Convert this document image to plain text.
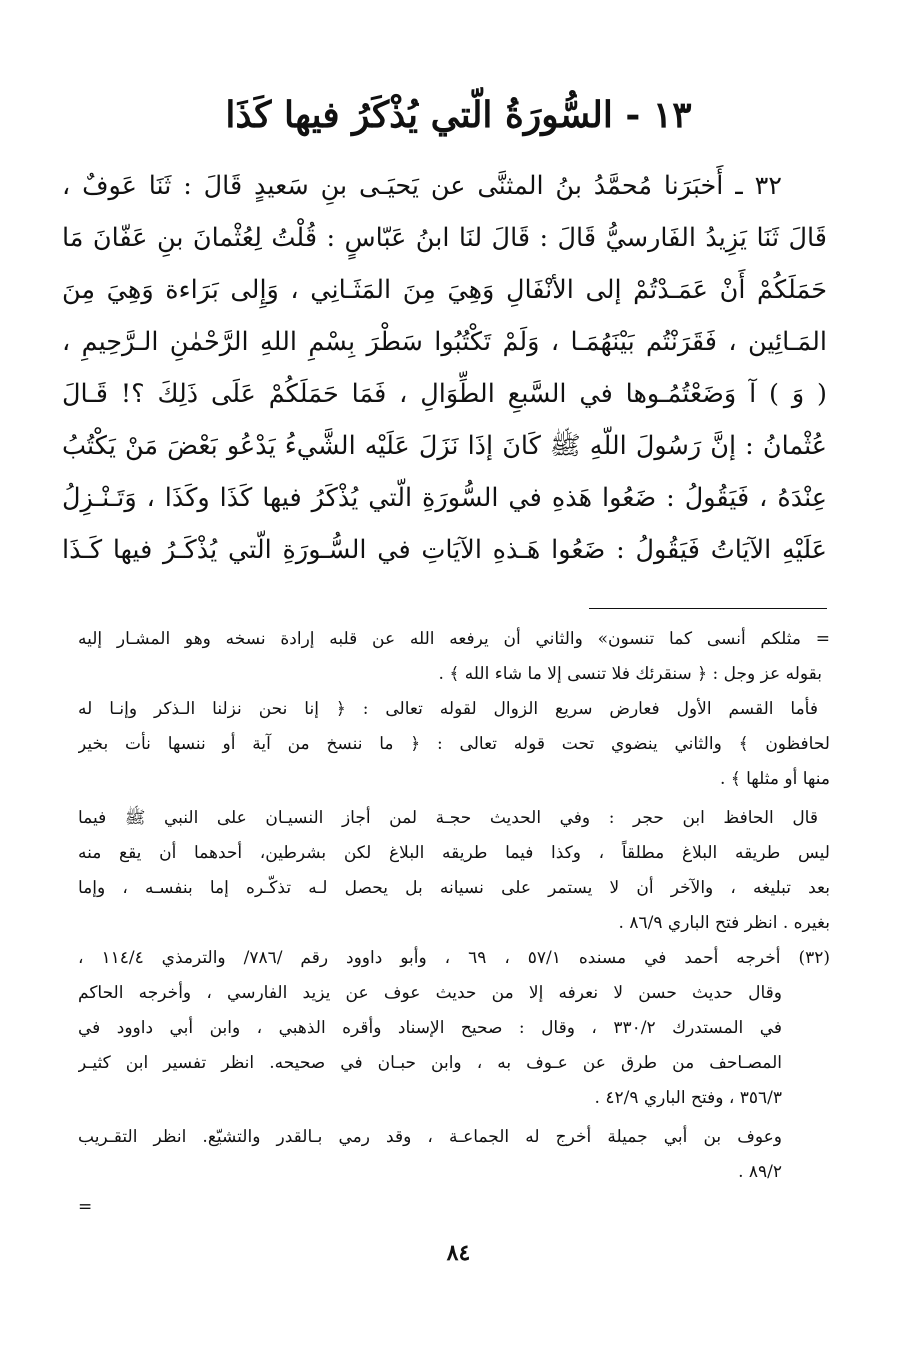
١٣ - السُّورَةُ الّتي يُذْكَرُ فيها كَذَا
٣٢ ـ أَخبَرَنا مُحمَّدُ بنُ المثنَّى عن يَحيَـى بنِ سَعيدٍ قَالَ : ثَنَا عَوفٌ ،
قَالَ ثَنَا يَزِيدُ الفَارسيُّ قَالَ : قَالَ لنَا ابنُ عَبّاسٍ : قُلْتُ لِعُثْمانَ بنِ عَفّانَ مَا
حَمَلَكُمْ أَنْ عَمَـدْتُمْ إلى الأنْفَالِ وَهِيَ مِنَ المَثَـانِي ، وَإِلى بَرَاءة وَهِيَ مِنَ
المَـائِين ، فَقَرَنْتُم بَيْنَهُمَـا ، وَلَمْ تَكْتُبُوا سَطْرَ بِسْمِ اللهِ الرَّحْمٰنِ الـرَّحِيمِ ،
( وَ ) آ وَضَعْتُمُـوها في السَّبعِ الطِّوَالِ ، فَمَا حَمَلَكُمْ عَلَى ذَلِكَ ؟! قَـالَ
عُثْمانُ : إنَّ رَسُولَ اللّهِ ﷺ كَانَ إذَا نَزَلَ عَلَيْه الشَّيءُ يَدْعُو بَعْضَ مَنْ يَكْتُبُ
عِنْدَهُ ، فَيَقُولُ : ضَعُوا هَذهِ في السُّورَةِ الّتي يُذْكَرُ فيها كَذَا وكَذَا ، وَتَـنْـزِلُ
عَلَيْهِ الآيَاتُ فَيَقُولُ : ضَعُوا هَـذهِ الآيَاتِ في السُّـورَةِ الّتي يُذْكَـرُ فيها كَـذَا
= مثلكم أنسى كما تنسون» والثاني أن يرفعه الله عن قلبه إرادة نسخه وهو المشـار إليه
بقوله عز وجل : ﴿ سنقرئك فلا تنسى إلا ما شاء الله ﴾ .
فأما القسم الأول فعارض سريع الزوال لقوله تعالى : ﴿ إنا نحن نزلنا الـذكر وإنـا له
لحافظون ﴾ والثاني ينضوي تحت قوله تعالى : ﴿ ما ننسخ من آية أو ننسها نأت بخير
منها أو مثلها ﴾ .
قال الحافظ ابن حجر : وفي الحديث حجـة لمن أجاز النسيـان على النبي ﷺ فيما
ليس طريقه البلاغ مطلقاً ، وكذا فيما طريقه البلاغ لكن بشرطين، أحدهما أن يقع منه
بعد تبليغه ، والآخر أن لا يستمر على نسيانه بل يحصل لـه تذكّـره إما بنفسـه ، وإما
بغيره . انظر فتح الباري ٨٦/٩ .
(٣٢) أخرجه أحمد في مسنده ٥٧/١ ، ٦٩ ، وأبو داوود رقم /٧٨٦/ والترمذي ١١٤/٤ ،
وقال حديث حسن لا نعرفه إلا من حديث عوف عن يزيد الفارسي ، وأخرجه الحاكم
في المستدرك ٣٣٠/٢ ، وقال : صحيح الإسناد وأقره الذهبي ، وابن أبي داوود في
المصـاحف من طرق عن عـوف به ، وابن حبـان في صحيحه. انظر تفسير ابن كثيـر
٣٥٦/٣ ، وفتح الباري ٤٢/٩ .
وعوف بن أبي جميلة أخرج له الجماعـة ، وقد رمي بـالقدر والتشيّع. انظر التقـريب
٨٩/٢ .
=
٨٤
